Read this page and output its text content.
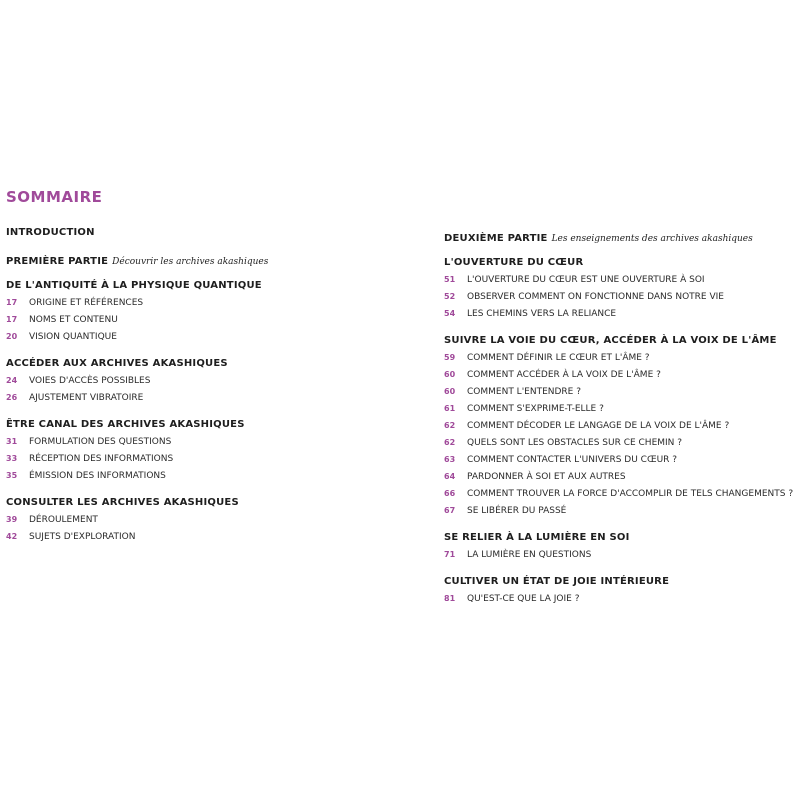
SOMMAIRE
INTRODUCTION
PREMIÈRE PARTIE Découvrir les archives akashiques
DE L'ANTIQUITÉ À LA PHYSIQUE QUANTIQUE
17	ORIGINE ET RÉFÉRENCES
17	NOMS ET CONTENU
20	VISION QUANTIQUE
ACCÉDER AUX ARCHIVES AKASHIQUES
24	VOIES D'ACCÈS POSSIBLES
26	AJUSTEMENT VIBRATOIRE
ÊTRE CANAL DES ARCHIVES AKASHIQUES
31	FORMULATION DES QUESTIONS
33	RÉCEPTION DES INFORMATIONS
35	ÉMISSION DES INFORMATIONS
CONSULTER LES ARCHIVES AKASHIQUES
39	DÉROULEMENT
42	SUJETS D'EXPLORATION
DEUXIÈME PARTIE Les enseignements des archives akashiques
L'OUVERTURE DU CŒUR
51	L'OUVERTURE DU CŒUR EST UNE OUVERTURE À SOI
52	OBSERVER COMMENT ON FONCTIONNE DANS NOTRE VIE
54	LES CHEMINS VERS LA RELIANCE
SUIVRE LA VOIE DU CŒUR, ACCÉDER À LA VOIX DE L'ÂME
59	COMMENT DÉFINIR LE CŒUR ET L'ÂME ?
60	COMMENT ACCÉDER À LA VOIX DE L'ÂME ?
60	COMMENT L'ENTENDRE ?
61	COMMENT S'EXPRIME-T-ELLE ?
62	COMMENT DÉCODER LE LANGAGE DE LA VOIX DE L'ÂME ?
62	QUELS SONT LES OBSTACLES SUR CE CHEMIN ?
63	COMMENT CONTACTER L'UNIVERS DU CŒUR ?
64	PARDONNER À SOI ET AUX AUTRES
66	COMMENT TROUVER LA FORCE D'ACCOMPLIR DE TELS CHANGEMENTS ?
67	SE LIBÉRER DU PASSÉ
SE RELIER À LA LUMIÈRE EN SOI
71	LA LUMIÈRE EN QUESTIONS
CULTIVER UN ÉTAT DE JOIE INTÉRIEURE
81	QU'EST-CE QUE LA JOIE ?
